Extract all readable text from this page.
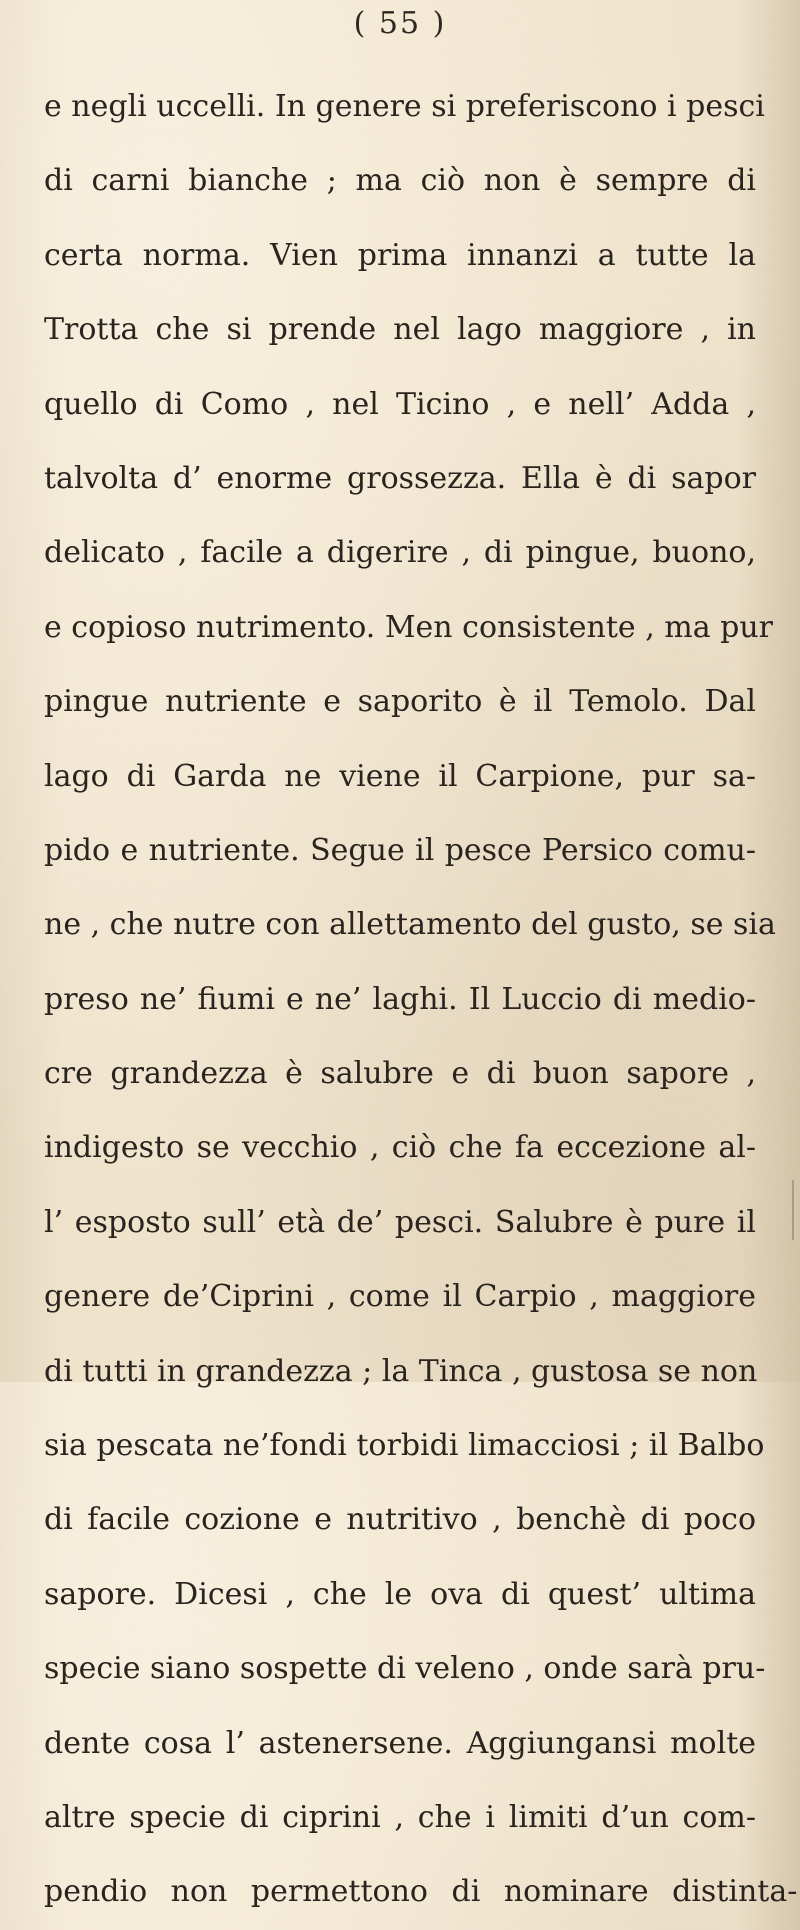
( 55 )
e negli uccelli. In genere si preferiscono i pesci
di carni bianche ; ma ciò non è sempre di
certa norma. Vien prima innanzi a tutte la
Trotta che si prende nel lago maggiore , in
quello di Como , nel Ticino , e nell’ Adda ,
talvolta d’ enorme grossezza. Ella è di sapor
delicato , facile a digerire , di pingue, buono,
e copioso nutrimento. Men consistente , ma pur
pingue nutriente e saporito è il Temolo. Dal
lago di Garda ne viene il Carpione, pur sa-
pido e nutriente. Segue il pesce Persico comu-
ne , che nutre con allettamento del gusto, se sia
preso ne’ fiumi e ne’ laghi. Il Luccio di medio-
cre grandezza è salubre e di buon sapore ,
indigesto se vecchio , ciò che fa eccezione al-
l’ esposto sull’ età de’ pesci. Salubre è pure il
genere de’Ciprini , come il Carpio , maggiore
di tutti in grandezza ; la Tinca , gustosa se non
sia pescata ne’fondi torbidi limacciosi ; il Balbo
di facile cozione e nutritivo , benchè di poco
sapore. Dicesi , che le ova di quest’ ultima
specie siano sospette di veleno , onde sarà pru-
dente cosa l’ astenersene. Aggiungansi molte
altre specie di ciprini , che i limiti d’un com-
pendio non permettono di nominare distinta-
